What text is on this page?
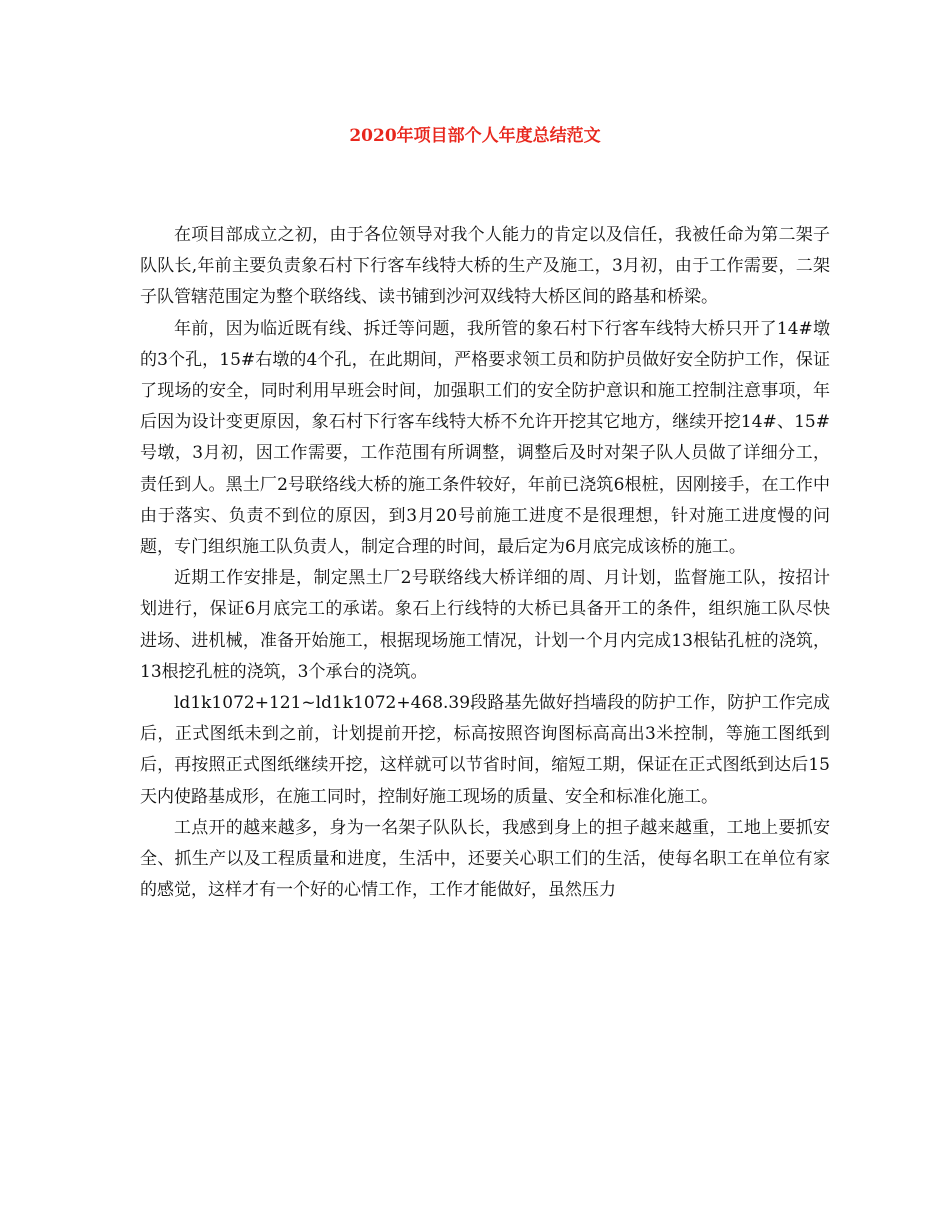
2020年项目部个人年度总结范文

在项目部成立之初，由于各位领导对我个人能力的肯定以及信任，我被任命为第二架子队队长,年前主要负责象石村下行客车线特大桥的生产及施工，3月初，由于工作需要，二架子队管辖范围定为整个联络线、读书铺到沙河双线特大桥区间的路基和桥梁。

年前，因为临近既有线、拆迁等问题，我所管的象石村下行客车线特大桥只开了14#墩的3个孔，15#右墩的4个孔，在此期间，严格要求领工员和防护员做好安全防护工作，保证了现场的安全，同时利用早班会时间，加强职工们的安全防护意识和施工控制注意事项，年后因为设计变更原因，象石村下行客车线特大桥不允许开挖其它地方，继续开挖14#、15#号墩，3月初，因工作需要，工作范围有所调整，调整后及时对架子队人员做了详细分工，责任到人。黑土厂2号联络线大桥的施工条件较好，年前已浇筑6根桩，因刚接手，在工作中由于落实、负责不到位的原因，到3月20号前施工进度不是很理想，针对施工进度慢的问题，专门组织施工队负责人，制定合理的时间，最后定为6月底完成该桥的施工。

近期工作安排是，制定黑土厂2号联络线大桥详细的周、月计划，监督施工队，按招计划进行，保证6月底完工的承诺。象石上行线特的大桥已具备开工的条件，组织施工队尽快进场、进机械，准备开始施工，根据现场施工情况，计划一个月内完成13根钻孔桩的浇筑，13根挖孔桩的浇筑，3个承台的浇筑。

ld1k1072+121~ld1k1072+468.39段路基先做好挡墙段的防护工作，防护工作完成后，正式图纸未到之前，计划提前开挖，标高按照咨询图标高高出3米控制，等施工图纸到后，再按照正式图纸继续开挖，这样就可以节省时间，缩短工期，保证在正式图纸到达后15天内使路基成形，在施工同时，控制好施工现场的质量、安全和标准化施工。

工点开的越来越多，身为一名架子队队长，我感到身上的担子越来越重，工地上要抓安全、抓生产以及工程质量和进度，生活中，还要关心职工们的生活，使每名职工在单位有家的感觉，这样才有一个好的心情工作，工作才能做好，虽然压力
